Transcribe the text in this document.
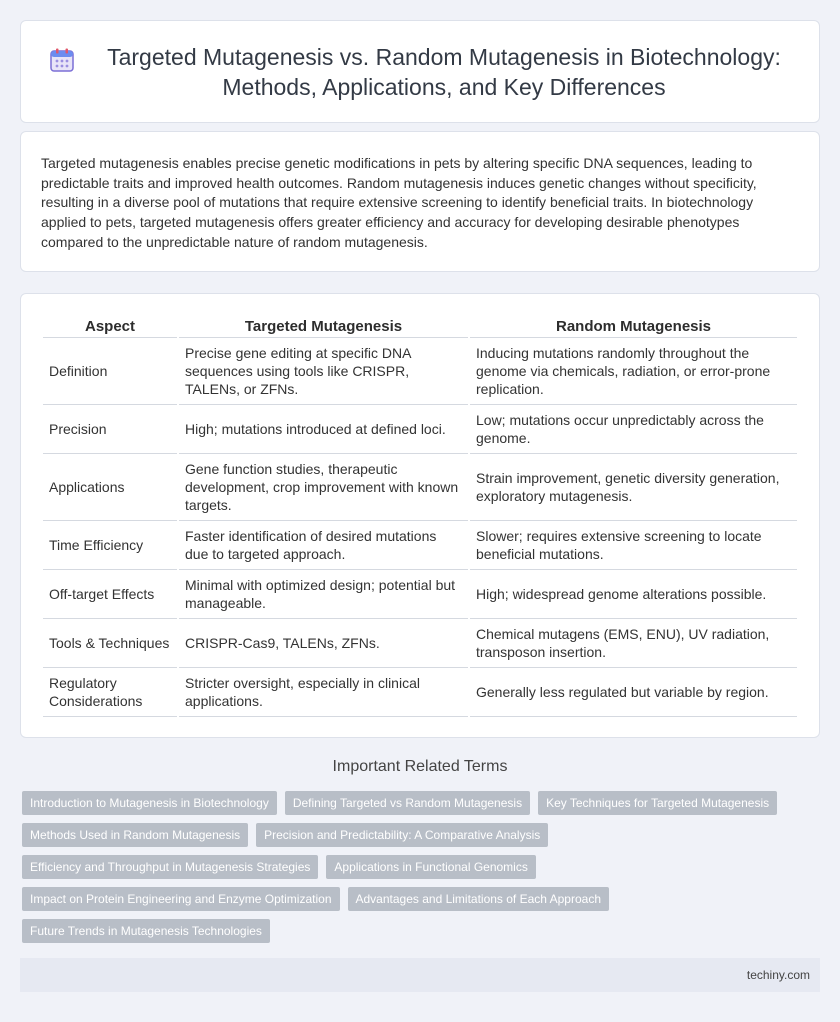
Targeted Mutagenesis vs. Random Mutagenesis in Biotechnology: Methods, Applications, and Key Differences

Targeted mutagenesis enables precise genetic modifications in pets by altering specific DNA sequences, leading to predictable traits and improved health outcomes. Random mutagenesis induces genetic changes without specificity, resulting in a diverse pool of mutations that require extensive screening to identify beneficial traits. In biotechnology applied to pets, targeted mutagenesis offers greater efficiency and accuracy for developing desirable phenotypes compared to the unpredictable nature of random mutagenesis.

Aspect	Targeted Mutagenesis	Random Mutagenesis
Definition	Precise gene editing at specific DNA sequences using tools like CRISPR, TALENs, or ZFNs.	Inducing mutations randomly throughout the genome via chemicals, radiation, or error-prone replication.
Precision	High; mutations introduced at defined loci.	Low; mutations occur unpredictably across the genome.
Applications	Gene function studies, therapeutic development, crop improvement with known targets.	Strain improvement, genetic diversity generation, exploratory mutagenesis.
Time Efficiency	Faster identification of desired mutations due to targeted approach.	Slower; requires extensive screening to locate beneficial mutations.
Off-target Effects	Minimal with optimized design; potential but manageable.	High; widespread genome alterations possible.
Tools & Techniques	CRISPR-Cas9, TALENs, ZFNs.	Chemical mutagens (EMS, ENU), UV radiation, transposon insertion.
Regulatory Considerations	Stricter oversight, especially in clinical applications.	Generally less regulated but variable by region.
Important Related Terms
Introduction to Mutagenesis in Biotechnology	Defining Targeted vs Random Mutagenesis	Key Techniques for Targeted Mutagenesis
Methods Used in Random Mutagenesis	Precision and Predictability: A Comparative Analysis
Efficiency and Throughput in Mutagenesis Strategies	Applications in Functional Genomics
Impact on Protein Engineering and Enzyme Optimization	Advantages and Limitations of Each Approach
Future Trends in Mutagenesis Technologies
techiny.com
